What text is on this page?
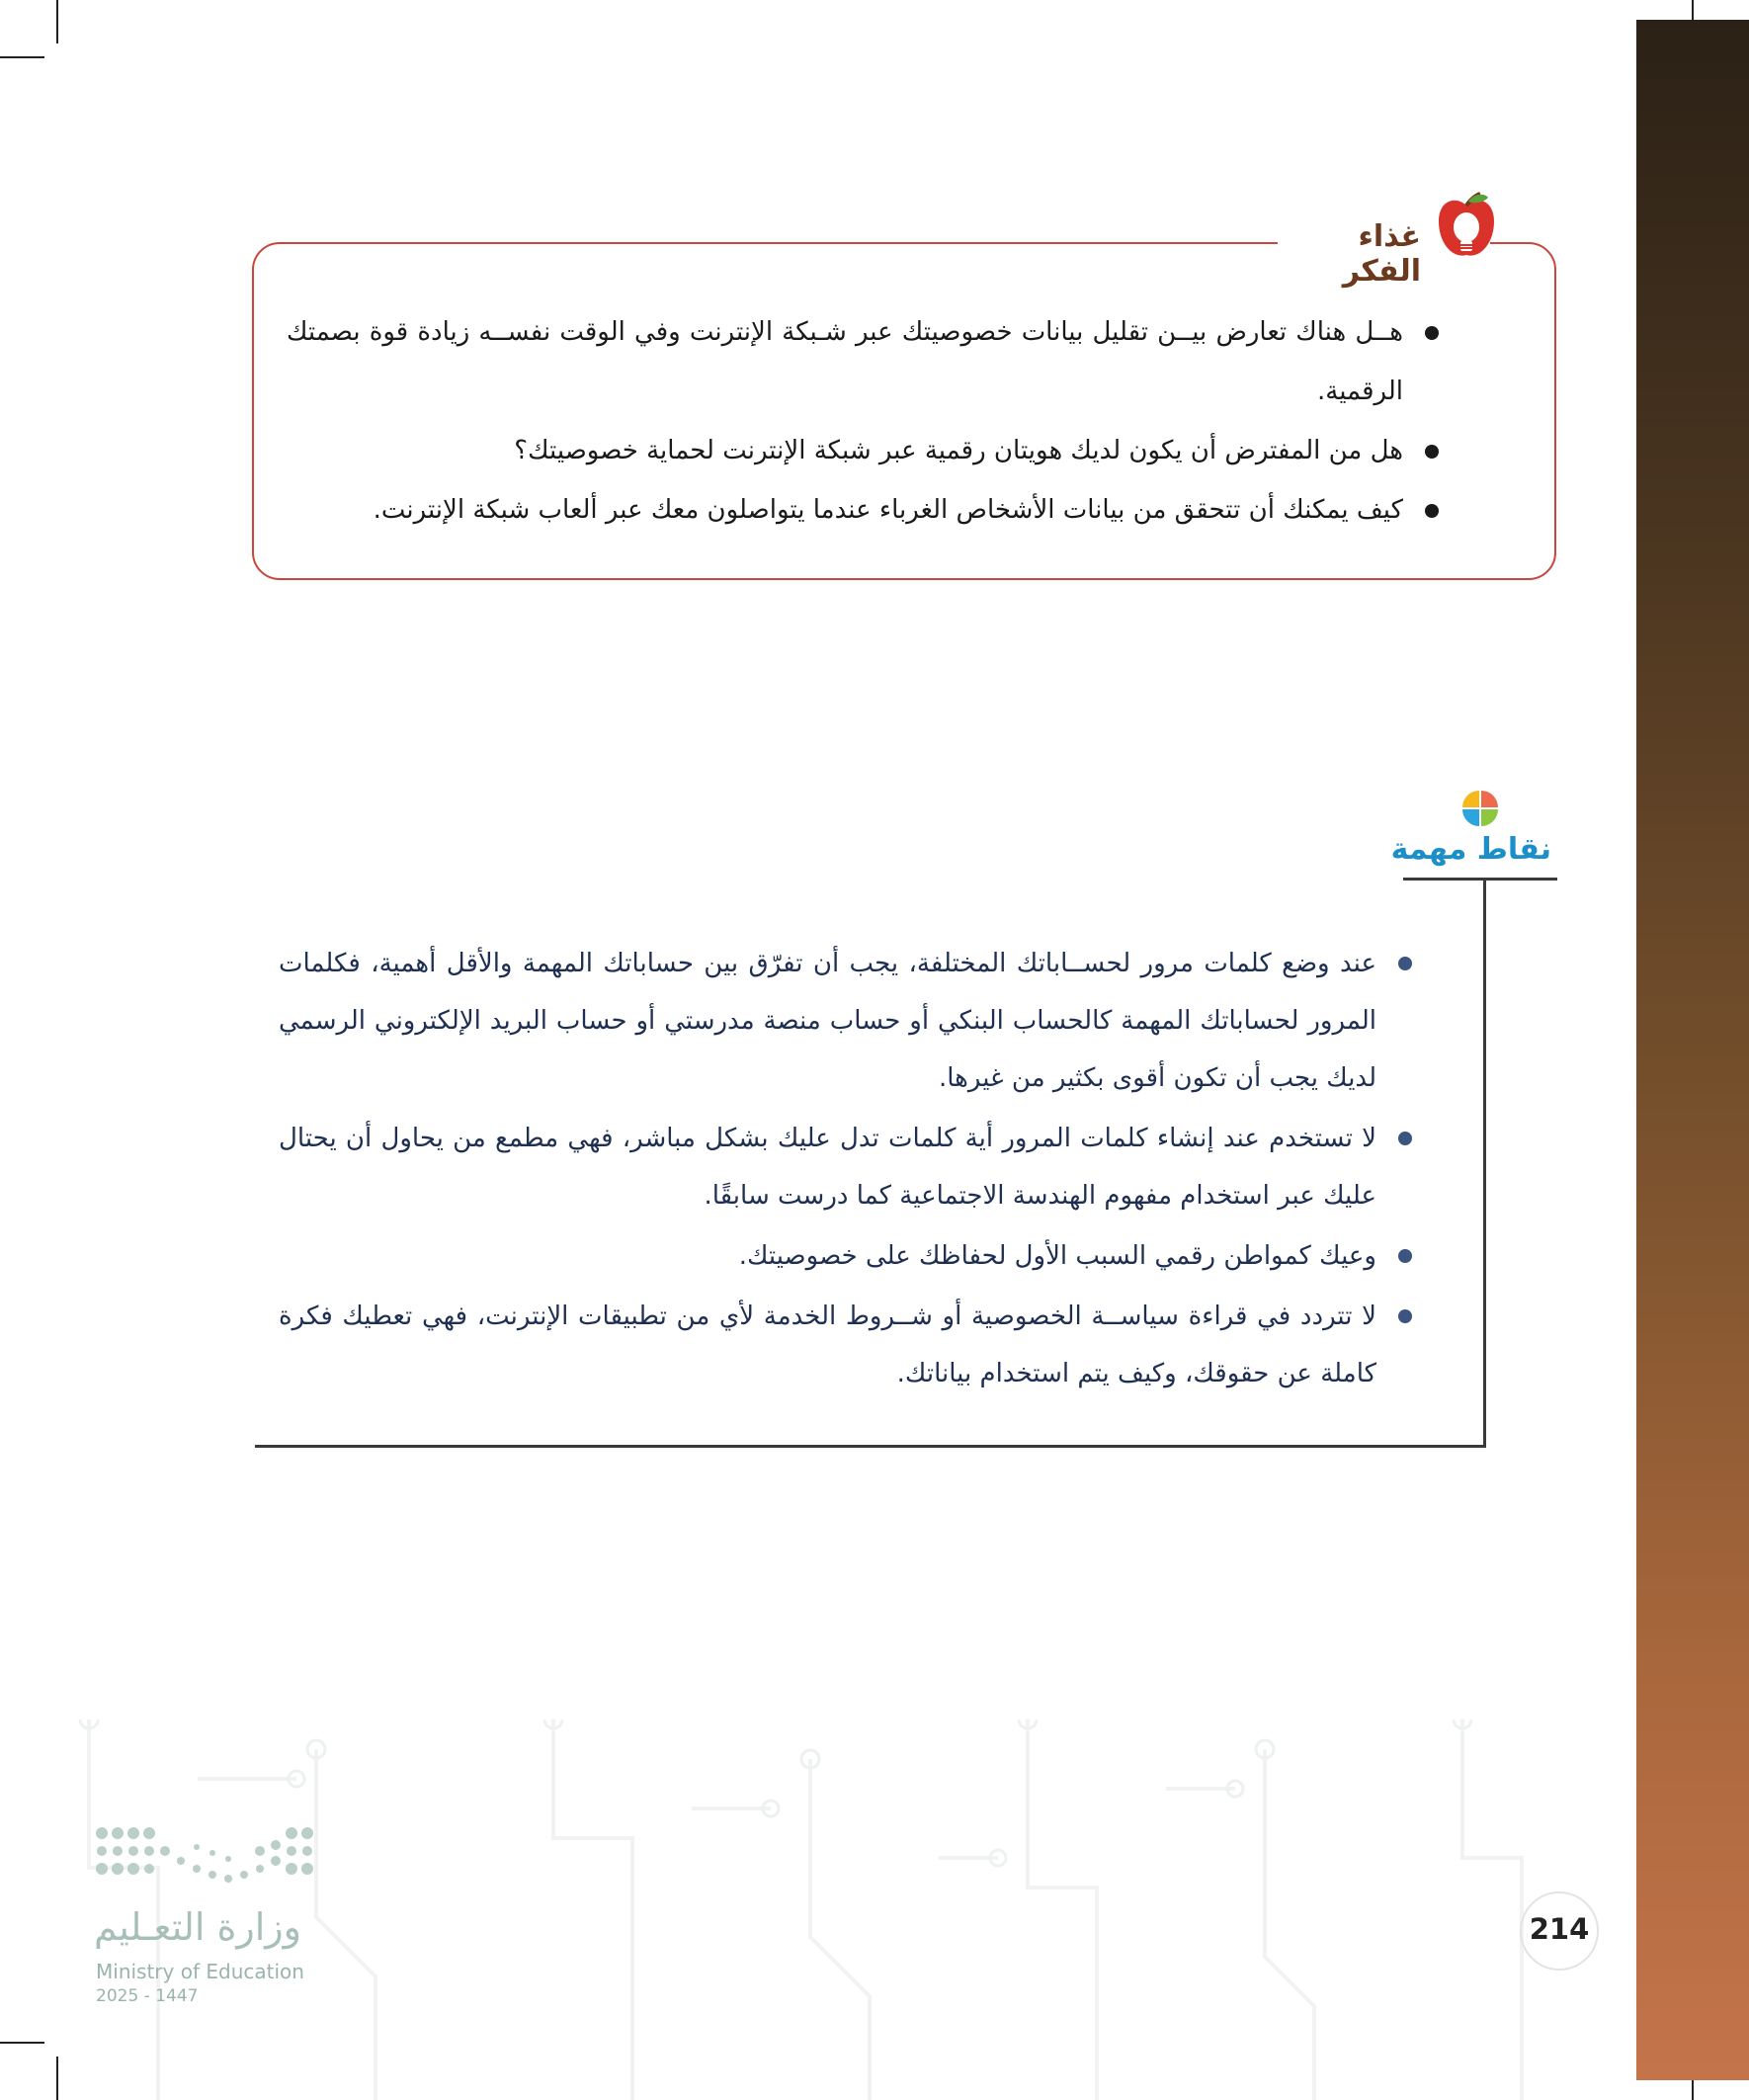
غذاء الفكر
هــل هناك تعارض بيــن تقليل بيانات خصوصيتك عبر شـبكة الإنترنت وفي الوقت نفســه زيادة قوة بصمتك الرقمية.
هل من المفترض أن يكون لديك هويتان رقمية عبر شبكة الإنترنت لحماية خصوصيتك؟
كيف يمكنك أن تتحقق من بيانات الأشخاص الغرباء عندما يتواصلون معك عبر ألعاب شبكة الإنترنت.
نقاط مهمة
عند وضع كلمات مرور لحســاباتك المختلفة، يجب أن تفرّق بين حساباتك المهمة والأقل أهمية، فكلمات المرور لحساباتك المهمة كالحساب البنكي أو حساب منصة مدرستي أو حساب البريد الإلكتروني الرسمي لديك يجب أن تكون أقوى بكثير من غيرها.
لا تستخدم عند إنشاء كلمات المرور أية كلمات تدل عليك بشكل مباشر، فهي مطمع من يحاول أن يحتال عليك عبر استخدام مفهوم الهندسة الاجتماعية كما درست سابقًا.
وعيك كمواطن رقمي السبب الأول لحفاظك على خصوصيتك.
لا تتردد في قراءة سياســة الخصوصية أو شــروط الخدمة لأي من تطبيقات الإنترنت، فهي تعطيك فكرة كاملة عن حقوقك، وكيف يتم استخدام بياناتك.
وزارة التعـليم
Ministry of Education
2025 - 1447
214
